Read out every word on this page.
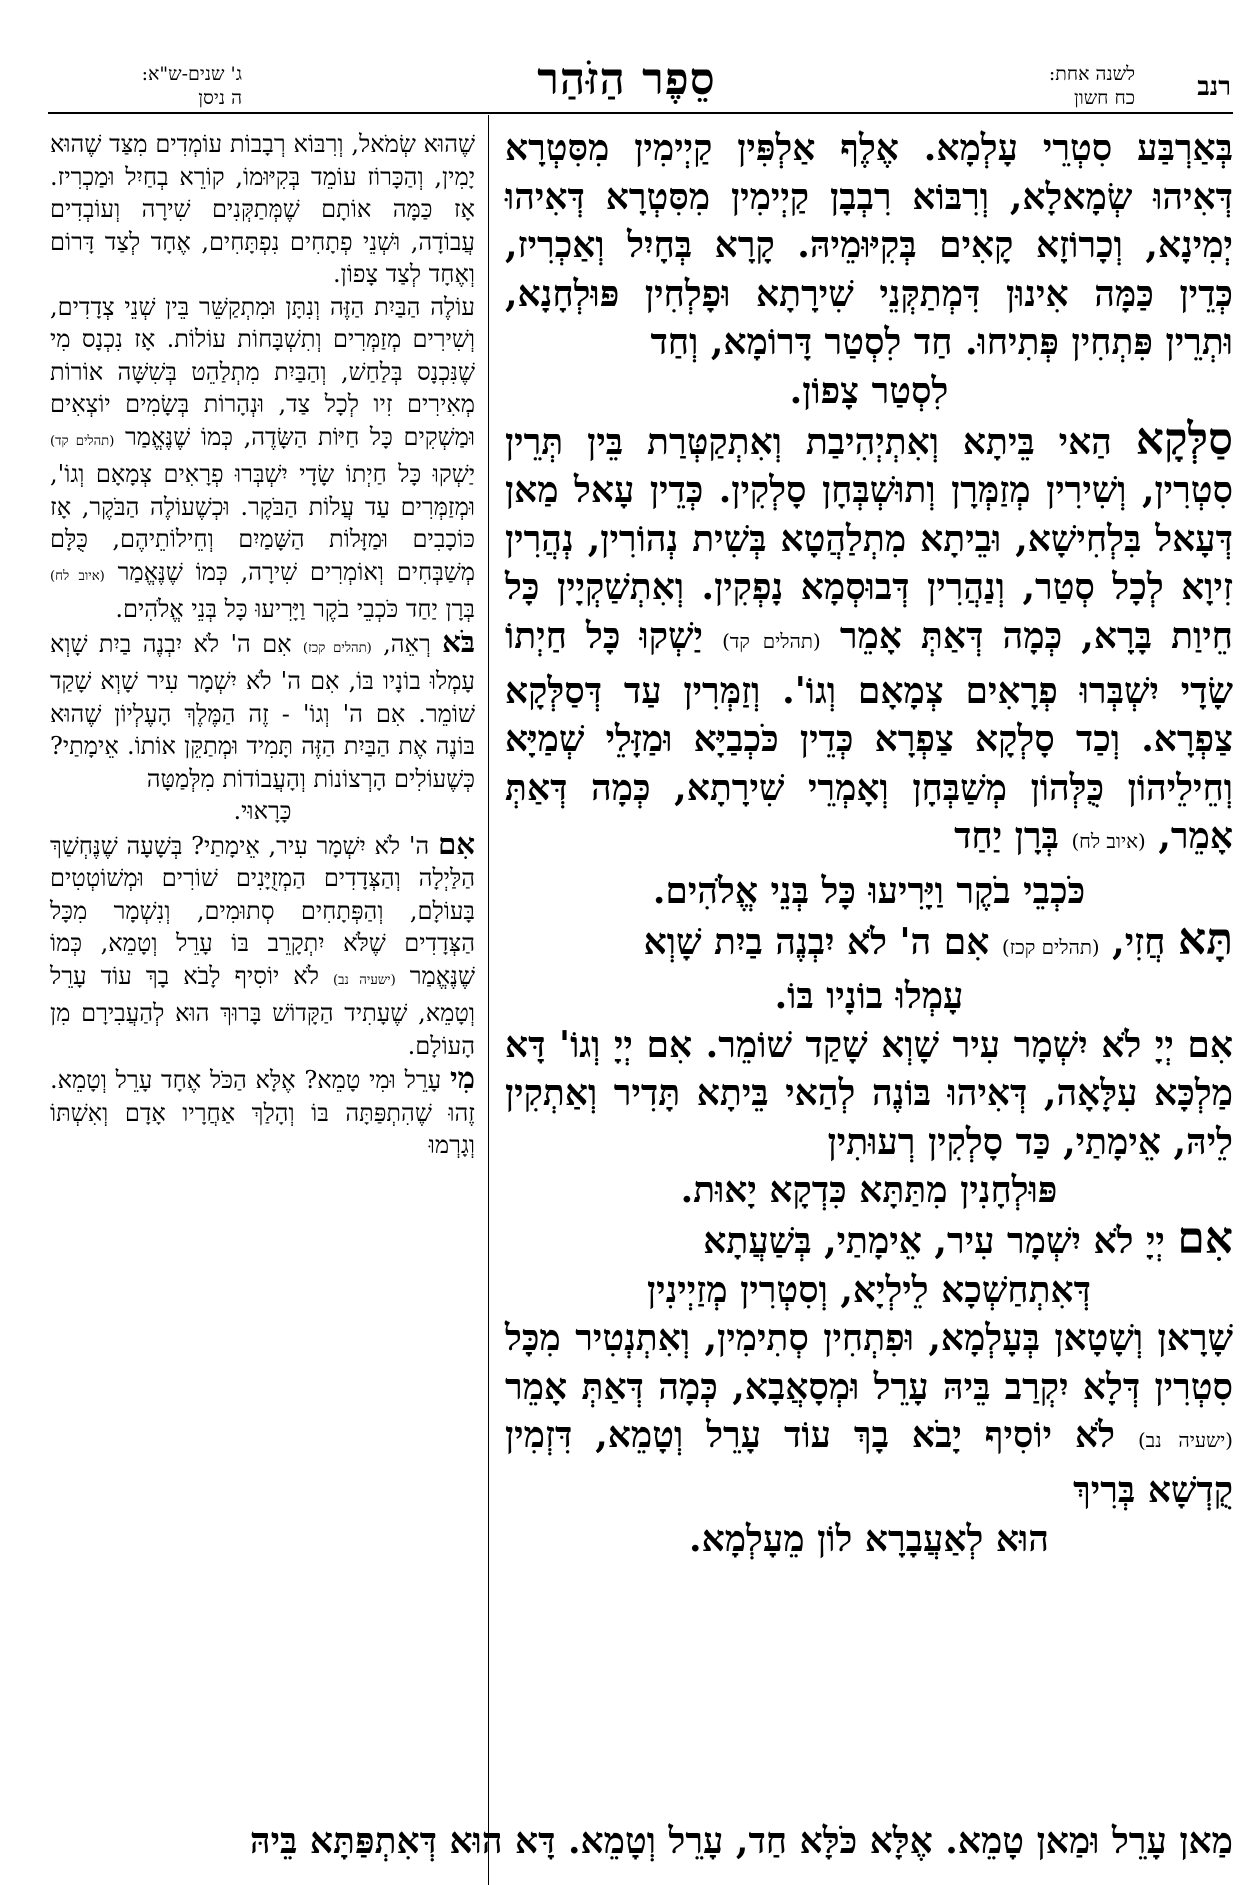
רנב
לשנה אחת:
כח חשון
סֵפֶר הַזֹּהַר
ג' שנים-ש"א:
ה ניסן

בְּאַרְבַּע סִטְרֵי עָלְמָא. אֶלֶף אַלְפִּין קַיְימִין מִסִּטְרָא דְּאִיהוּ שְׂמָאלָא, וְרִבּוֹא רִבְבָן קַיְימִין מִסִּטְרָא דְּאִיהוּ יְמִינָא, וְכָרוֹזָא קָאִים בְּקִיּוּמֵיהּ. קָרָא בְּחָיִל וְאַכְרִיז, כְּדֵין כַּמָּה אִינוּן דִּמְתַקְּנֵי שִׁירָתָא וּפָלְחִין פּוּלְחָנָא, וּתְרֵין פִּתְחִין פְּתִיחוּ. חַד לִסְטַר דָּרוֹמָא, וְחַד
לִסְטַר צָפוֹן.

סַלְּקָא הַאי בֵּיתָא וְאִתְיְהִיבַת וְאִתְקַטְּרַת בֵּין תְּרֵין סִטְרִין, וְשִׁירִין מְזַמְּרָן וְתוּשְׁבְּחָן סָלְקִין. כְּדֵין עָאל מַאן דְּעָאל בִּלְחִישָׁא, וּבֵיתָא מִתְלַהֲטָא בְּשִׁית נְהוֹרִין, נְהֲרִין זִיוָא לְכָל סְטַר, וְנַהֲרִין דְּבוּסְמָא נָפְקִין. וְאִתְשַׁקְיָין כָּל חֵיוַת בָּרָא, כְּמָה דְּאַתְּ אָמֵר (תהלים קד) יַשְׁקוּ כָּל חַיְתוֹ שָׂדָי יִשְׁבְּרוּ פְרָאִים צְמָאָם וְגוֹ'. וְזַמְּרִין עַד דְּסַלְּקָא צַפְרָא. וְכַד סָלְקָא צַפְרָא כְּדֵין כֹּכְבַיָּא וּמַזָּלֵי שְׁמַיָּא וְחֵילֵיהוֹן כֻּלְּהוֹן מְשַׁבְּחָן וְאָמְרֵי שִׁירָתָא, כְּמָה דְּאַתְּ אָמֵר, (איוב לח) בְּרָן יַחַד
כֹּכְבֵי בֹקֶר וַיָּרִיעוּ כָּל בְּנֵי אֱלֹהִים.

תָּא חֲזִי, (תהלים קכז) אִם ה' לֹא יִבְנֶה בַיִת שָׁוְא
עָמְלוּ בוֹנָיו בּוֹ.
אִם יְיָ לֹא יִשְׁמָר עִיר שָׁוְא שָׁקַד שׁוֹמֵר. אִם יְיָ וְגוֹ' דָּא מַלְכָּא עִלָּאָה, דְּאִיהוּ בּוֹנֶה לְהַאי בֵּיתָא תָּדִיר וְאַתְקִין לֵיהּ, אֵימָתַי, כַּד סָלְקִין רְעוּתִין
פּוּלְחָנִין מִתַּתָּא כִּדְקָא יָאוּת.

אִם יְיָ לֹא יִשְׁמָר עִיר, אֵימָתַי, בְּשַׁעֲתָא
דְּאִתְחַשְׁכָא לֵילְיָא, וְסִטְרִין מְזַיְינִין
שָׁרָאן וְשָׁטָאן בְּעָלְמָא, וּפִתְחִין סְתִימִין, וְאִתְנְטִיר מִכָּל סִטְרִין דְּלָא יִקְרַב בֵּיהּ עָרֵל וּמְסָאֲבָא, כְּמָה דְּאַתְּ אָמֵר (ישעיה נב) לֹא יוֹסִיף יָבֹא בָךְ עוֹד עָרֵל וְטָמֵא, דִּזְמִין קֻדְשָׁא בְּרִיךְ
הוּא לְאַעֲבָרָא לוֹן מֵעָלְמָא.

שֶׁהוּא שְׂמֹאל, וְרִבּוֹא רְבָבוֹת עוֹמְדִים מִצַּד שֶׁהוּא יָמִין, וְהַכָּרוֹז עוֹמֵד בְּקִיּוּמוֹ, קוֹרֵא בְחַיִל וּמַכְרִיז. אָז כַּמָּה אוֹתָם שֶׁמְּתַקְּנִים שִׁירָה וְעוֹבְדִים עֲבוֹדָה, וּשְׁנֵי פְתָחִים נִפְתָּחִים, אֶחָד לְצַד דָּרוֹם וְאֶחָד לְצַד צָפוֹן.

עוֹלֶה הַבַּיִת הַזֶּה וְנִתָּן וּמִתְקַשֵּׁר בֵּין שְׁנֵי צְדָדִים, וְשִׁירִים מְזַמְּרִים וְתִשְׁבָּחוֹת עוֹלוֹת. אָז נִכְנָס מִי שֶׁנִּכְנָס בְּלַחַשׁ, וְהַבַּיִת מִתְלַהֵט בְּשִׁשָּׁה אוֹרוֹת מְאִירִים זִיו לְכָל צַד, וּנְהָרוֹת בְּשָׂמִים יוֹצְאִים וּמַשְׁקִים כָּל חַיּוֹת הַשָּׂדֶה, כְּמוֹ שֶׁנֶּאֱמַר (תהלים קד) יַשְׁקוּ כָּל חַיְתוֹ שָׂדָי יִשְׁבְּרוּ פְרָאִים צְמָאָם וְגוֹ', וּמְזַמְּרִים עַד עֲלוֹת הַבֹּקֶר. וּכְשֶׁעוֹלֶה הַבֹּקֶר, אָז כּוֹכָבִים וּמַזָּלוֹת הַשָּׁמַיִם וְחֵילוֹתֵיהֶם, כֻּלָּם מְשַׁבְּחִים וְאוֹמְרִים שִׁירָה, כְּמוֹ שֶׁנֶּאֱמַר (איוב לח) בְּרָן יַחַד כֹּכְבֵי בֹקֶר וַיָּרִיעוּ כָּל בְּנֵי אֱלֹהִים.

בֹּא רְאֵה, (תהלים קכז) אִם ה' לֹא יִבְנֶה בַיִת שָׁוְא עָמְלוּ בוֹנָיו בּוֹ, אִם ה' לֹא יִשְׁמָר עִיר שָׁוְא שָׁקַד שׁוֹמֵר. אִם ה' וְגוֹ' - זֶה הַמֶּלֶךְ הָעֶלְיוֹן שֶׁהוּא בּוֹנֶה אֶת הַבַּיִת הַזֶּה תָּמִיד וּמְתַקֵּן אוֹתוֹ. אֵימָתַי? כְּשֶׁעוֹלִים הָרְצוֹנוֹת וְהָעֲבוֹדוֹת מִלְּמַטָּה
כָּרָאוּי.

אִם ה' לֹא יִשְׁמָר עִיר, אֵימָתַי? בְּשָׁעָה שֶׁנֶּחְשַׁךְ הַלַּיְלָה וְהַצְּדָדִים הַמְזֻיָּנִים שׁוֹרִים וּמְשׁוֹטְטִים בָּעוֹלָם, וְהַפְּתָחִים סְתוּמִים, וְנִשְׁמָר מִכָּל הַצְּדָדִים שֶׁלֹּא יִתְקָרֵב בּוֹ עָרֵל וְטָמֵא, כְּמוֹ שֶׁנֶּאֱמַר (ישעיה נב) לֹא יוֹסִיף לָבֹא בָךְ עוֹד עָרֵל וְטָמֵא, שֶׁעָתִיד הַקָּדוֹשׁ בָּרוּךְ הוּא לְהַעֲבִירָם מִן הָעוֹלָם.

מִי עָרֵל וּמִי טָמֵא? אֶלָּא הַכֹּל אֶחָד עָרֵל וְטָמֵא. זֶהוּ שֶׁהִתְפַּתָּה בּוֹ וְהָלַךְ אַחֲרָיו אָדָם וְאִשְׁתּוֹ וְגָרְמוּ

מַאן עָרֵל וּמַאן טָמֵא. אֶלָּא כֹּלָּא חַד, עָרֵל וְטָמֵא. דָּא הוּא דְּאִתְפַּתָּא בֵּיהּ
